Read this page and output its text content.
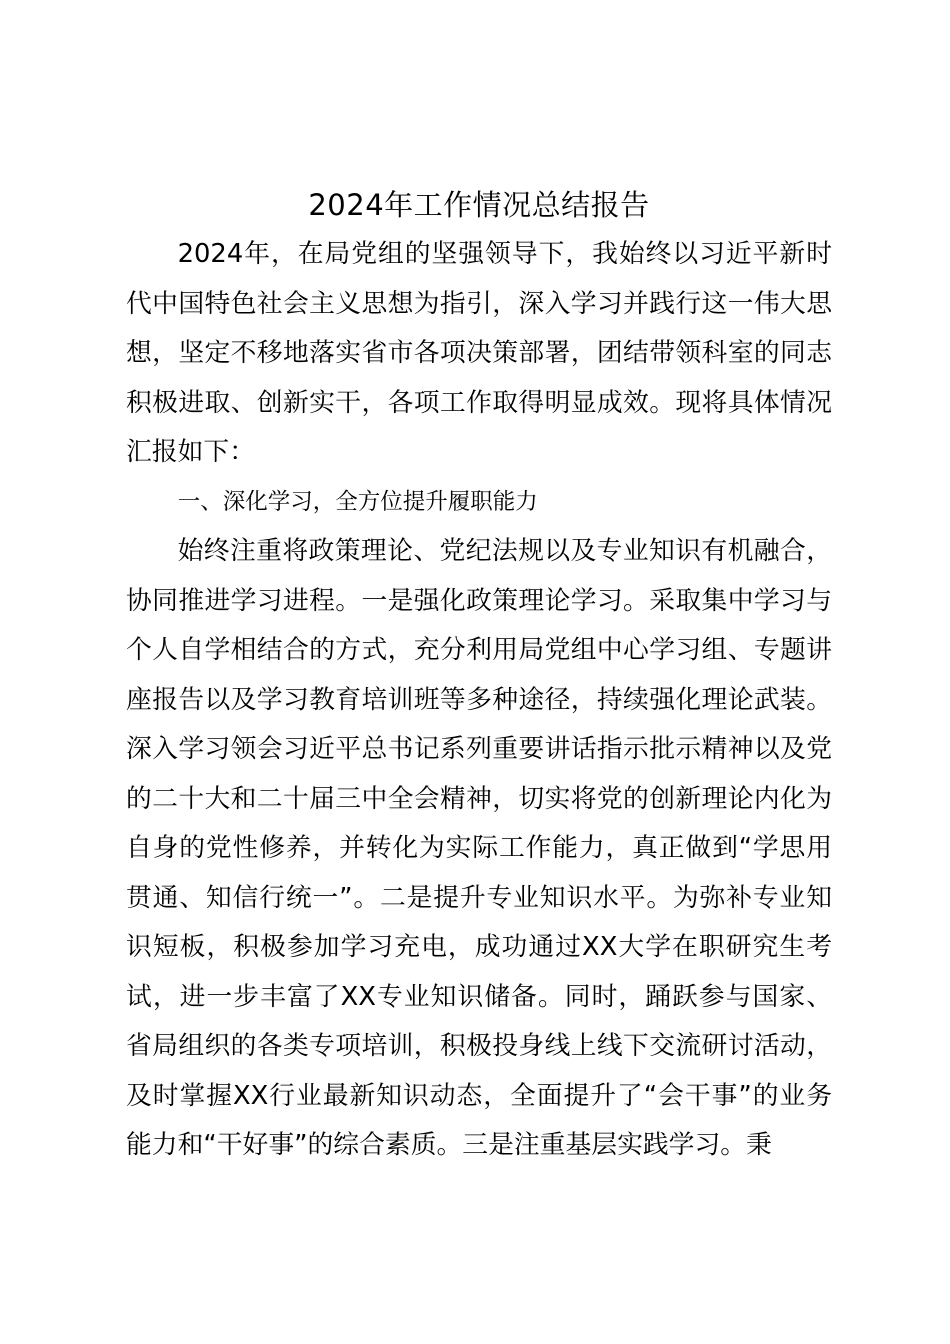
2024年工作情况总结报告

2024年，在局党组的坚强领导下，我始终以习近平新时代中国特色社会主义思想为指引，深入学习并践行这一伟大思想，坚定不移地落实省市各项决策部署，团结带领科室的同志积极进取、创新实干，各项工作取得明显成效。现将具体情况汇报如下：

一、深化学习，全方位提升履职能力

始终注重将政策理论、党纪法规以及专业知识有机融合，协同推进学习进程。一是强化政策理论学习。采取集中学习与个人自学相结合的方式，充分利用局党组中心学习组、专题讲座报告以及学习教育培训班等多种途径，持续强化理论武装。深入学习领会习近平总书记系列重要讲话指示批示精神以及党的二十大和二十届三中全会精神，切实将党的创新理论内化为自身的党性修养，并转化为实际工作能力，真正做到“学思用贯通、知信行统一”。二是提升专业知识水平。为弥补专业知识短板，积极参加学习充电，成功通过XX大学在职研究生考试，进一步丰富了XX专业知识储备。同时，踊跃参与国家、省局组织的各类专项培训，积极投身线上线下交流研讨活动，及时掌握XX行业最新知识动态，全面提升了“会干事”的业务能力和“干好事”的综合素质。三是注重基层实践学习。秉
